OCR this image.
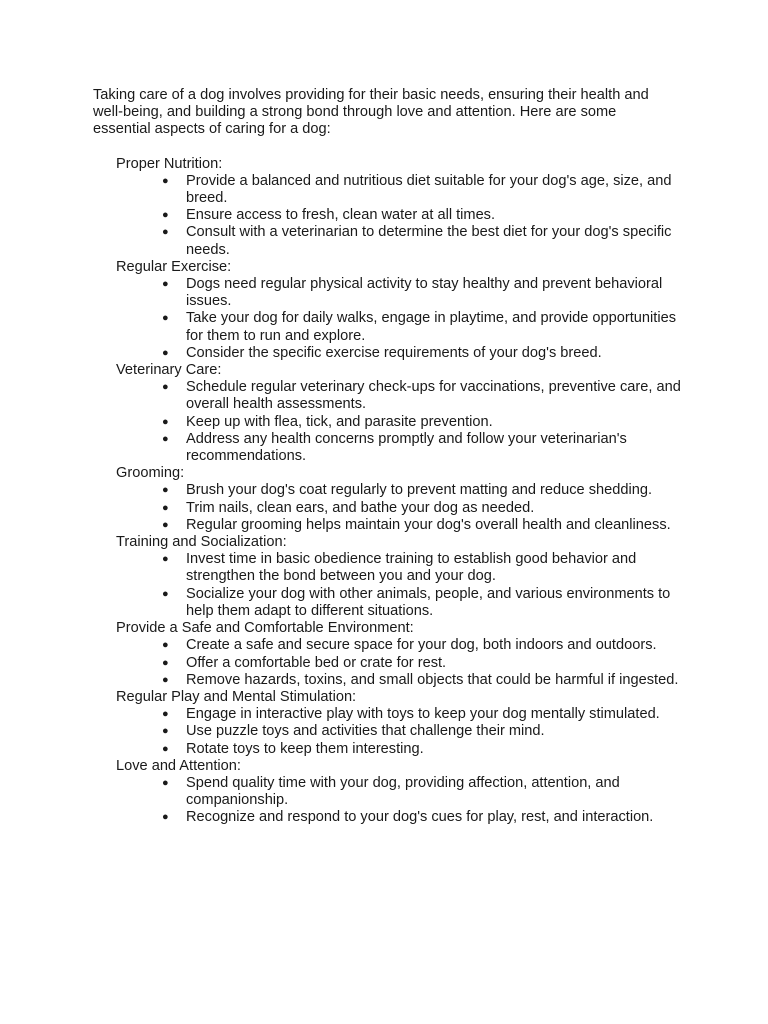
Taking care of a dog involves providing for their basic needs, ensuring their health and well-being, and building a strong bond through love and attention. Here are some essential aspects of caring for a dog:

Proper Nutrition:
● Provide a balanced and nutritious diet suitable for your dog's age, size, and breed.
● Ensure access to fresh, clean water at all times.
● Consult with a veterinarian to determine the best diet for your dog's specific needs.
Regular Exercise:
● Dogs need regular physical activity to stay healthy and prevent behavioral issues.
● Take your dog for daily walks, engage in playtime, and provide opportunities for them to run and explore.
● Consider the specific exercise requirements of your dog's breed.
Veterinary Care:
● Schedule regular veterinary check-ups for vaccinations, preventive care, and overall health assessments.
● Keep up with flea, tick, and parasite prevention.
● Address any health concerns promptly and follow your veterinarian's recommendations.
Grooming:
● Brush your dog's coat regularly to prevent matting and reduce shedding.
● Trim nails, clean ears, and bathe your dog as needed.
● Regular grooming helps maintain your dog's overall health and cleanliness.
Training and Socialization:
● Invest time in basic obedience training to establish good behavior and strengthen the bond between you and your dog.
● Socialize your dog with other animals, people, and various environments to help them adapt to different situations.
Provide a Safe and Comfortable Environment:
● Create a safe and secure space for your dog, both indoors and outdoors.
● Offer a comfortable bed or crate for rest.
● Remove hazards, toxins, and small objects that could be harmful if ingested.
Regular Play and Mental Stimulation:
● Engage in interactive play with toys to keep your dog mentally stimulated.
● Use puzzle toys and activities that challenge their mind.
● Rotate toys to keep them interesting.
Love and Attention:
● Spend quality time with your dog, providing affection, attention, and companionship.
● Recognize and respond to your dog's cues for play, rest, and interaction.
